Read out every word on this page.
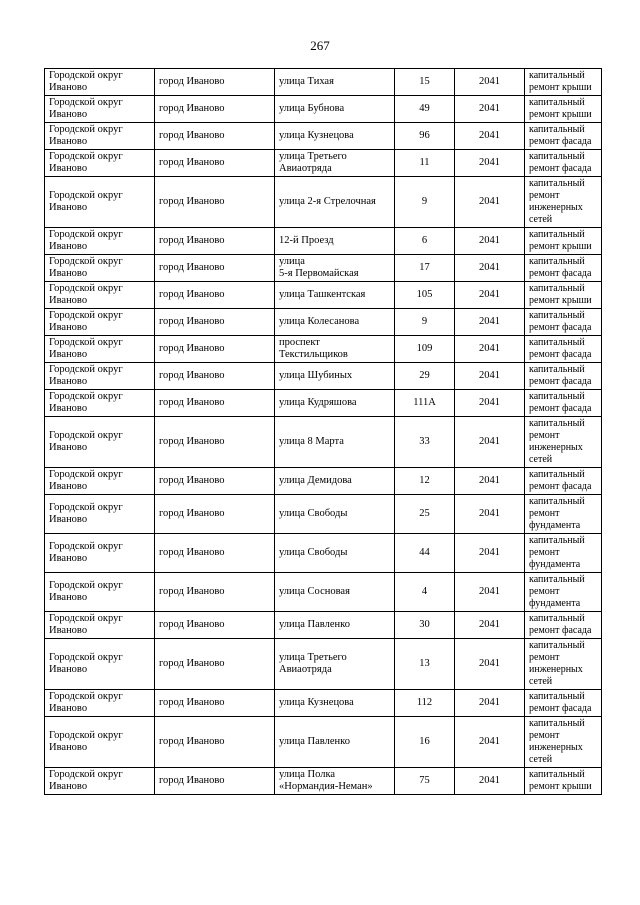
267
Городской округ
Иваново	город Иваново	улица Тихая	15	2041	капитальный
ремонт крыши
Городской округ
Иваново	город Иваново	улица Бубнова	49	2041	капитальный
ремонт крыши
Городской округ
Иваново	город Иваново	улица Кузнецова	96	2041	капитальный
ремонт фасада
Городской округ
Иваново	город Иваново	улица Третьего
Авиаотряда	11	2041	капитальный
ремонт фасада
Городской округ
Иваново	город Иваново	улица 2-я Стрелочная	9	2041	капитальный
ремонт
инженерных
сетей
Городской округ
Иваново	город Иваново	12-й Проезд	6	2041	капитальный
ремонт крыши
Городской округ
Иваново	город Иваново	улица
5-я Первомайская	17	2041	капитальный
ремонт фасада
Городской округ
Иваново	город Иваново	улица Ташкентская	105	2041	капитальный
ремонт крыши
Городской округ
Иваново	город Иваново	улица Колесанова	9	2041	капитальный
ремонт фасада
Городской округ
Иваново	город Иваново	проспект
Текстильщиков	109	2041	капитальный
ремонт фасада
Городской округ
Иваново	город Иваново	улица Шубиных	29	2041	капитальный
ремонт фасада
Городской округ
Иваново	город Иваново	улица Кудряшова	111А	2041	капитальный
ремонт фасада
Городской округ
Иваново	город Иваново	улица 8 Марта	33	2041	капитальный
ремонт
инженерных
сетей
Городской округ
Иваново	город Иваново	улица Демидова	12	2041	капитальный
ремонт фасада
Городской округ
Иваново	город Иваново	улица Свободы	25	2041	капитальный
ремонт
фундамента
Городской округ
Иваново	город Иваново	улица Свободы	44	2041	капитальный
ремонт
фундамента
Городской округ
Иваново	город Иваново	улица Сосновая	4	2041	капитальный
ремонт
фундамента
Городской округ
Иваново	город Иваново	улица Павленко	30	2041	капитальный
ремонт фасада
Городской округ
Иваново	город Иваново	улица Третьего
Авиаотряда	13	2041	капитальный
ремонт
инженерных
сетей
Городской округ
Иваново	город Иваново	улица Кузнецова	112	2041	капитальный
ремонт фасада
Городской округ
Иваново	город Иваново	улица Павленко	16	2041	капитальный
ремонт
инженерных
сетей
Городской округ
Иваново	город Иваново	улица Полка
«Нормандия-Неман»	75	2041	капитальный
ремонт крыши
